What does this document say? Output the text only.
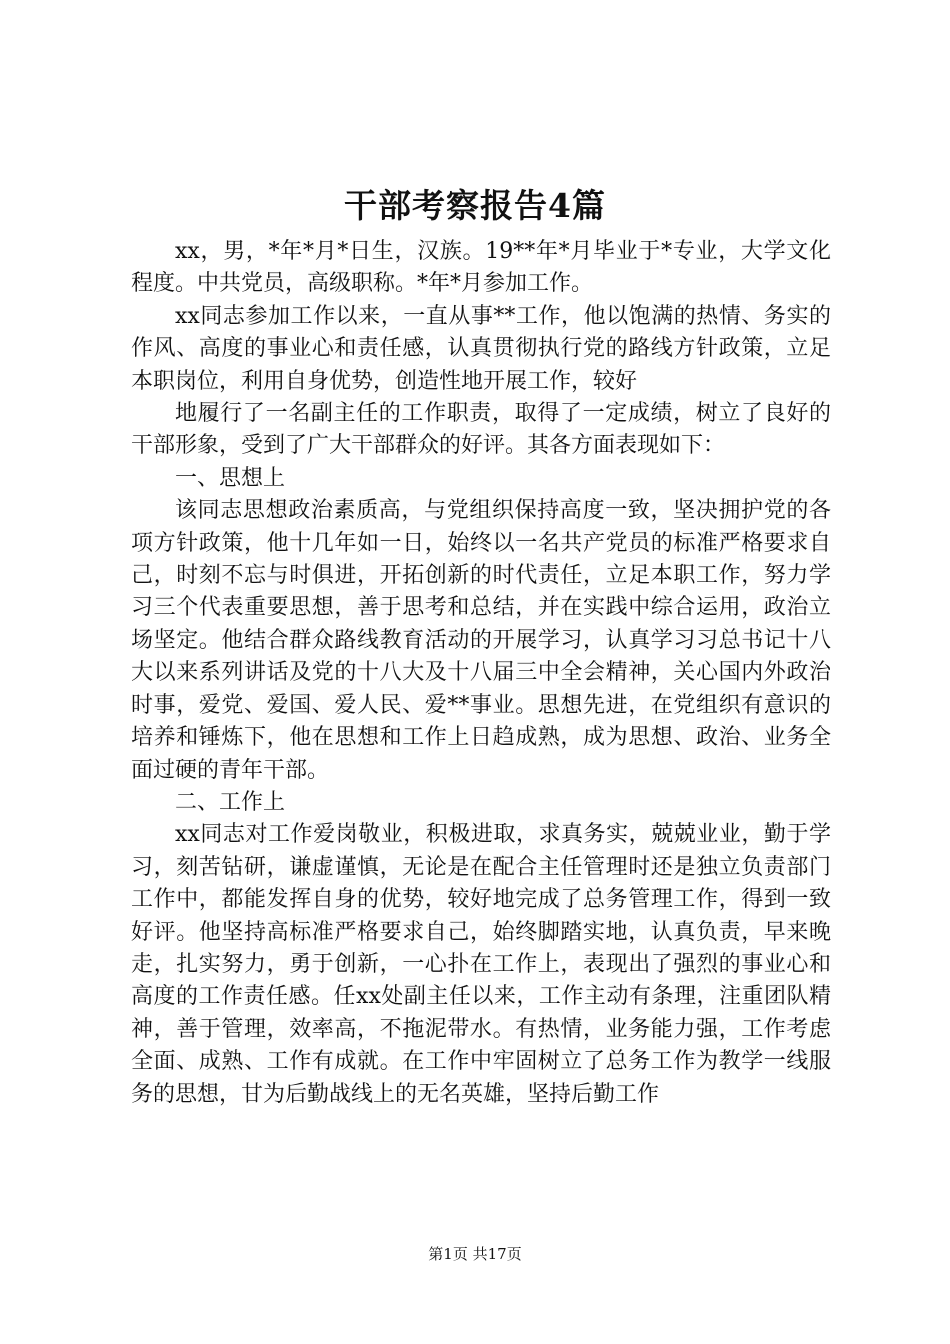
干部考察报告4篇

xx，男，*年*月*日生，汉族。19**年*月毕业于*专业，大学文化程度。中共党员，高级职称。*年*月参加工作。

xx同志参加工作以来，一直从事**工作，他以饱满的热情、务实的作风、高度的事业心和责任感，认真贯彻执行党的路线方针政策，立足本职岗位，利用自身优势，创造性地开展工作，较好

地履行了一名副主任的工作职责，取得了一定成绩，树立了良好的干部形象，受到了广大干部群众的好评。其各方面表现如下：

一、思想上

该同志思想政治素质高，与党组织保持高度一致，坚决拥护党的各项方针政策，他十几年如一日，始终以一名共产党员的标准严格要求自己，时刻不忘与时俱进，开拓创新的时代责任，立足本职工作，努力学习三个代表重要思想，善于思考和总结，并在实践中综合运用，政治立场坚定。他结合群众路线教育活动的开展学习，认真学习习总书记十八大以来系列讲话及党的十八大及十八届三中全会精神，关心国内外政治时事，爱党、爱国、爱人民、爱**事业。思想先进，在党组织有意识的培养和锤炼下，他在思想和工作上日趋成熟，成为思想、政治、业务全面过硬的青年干部。

二、工作上

xx同志对工作爱岗敬业，积极进取，求真务实，兢兢业业，勤于学习，刻苦钻研，谦虚谨慎，无论是在配合主任管理时还是独立负责部门工作中，都能发挥自身的优势，较好地完成了总务管理工作，得到一致好评。他坚持高标准严格要求自己，始终脚踏实地，认真负责，早来晚走，扎实努力，勇于创新，一心扑在工作上，表现出了强烈的事业心和高度的工作责任感。任xx处副主任以来，工作主动有条理，注重团队精神，善于管理，效率高，不拖泥带水。有热情，业务能力强，工作考虑全面、成熟、工作有成就。在工作中牢固树立了总务工作为教学一线服务的思想，甘为后勤战线上的无名英雄，坚持后勤工作

第1页 共17页
